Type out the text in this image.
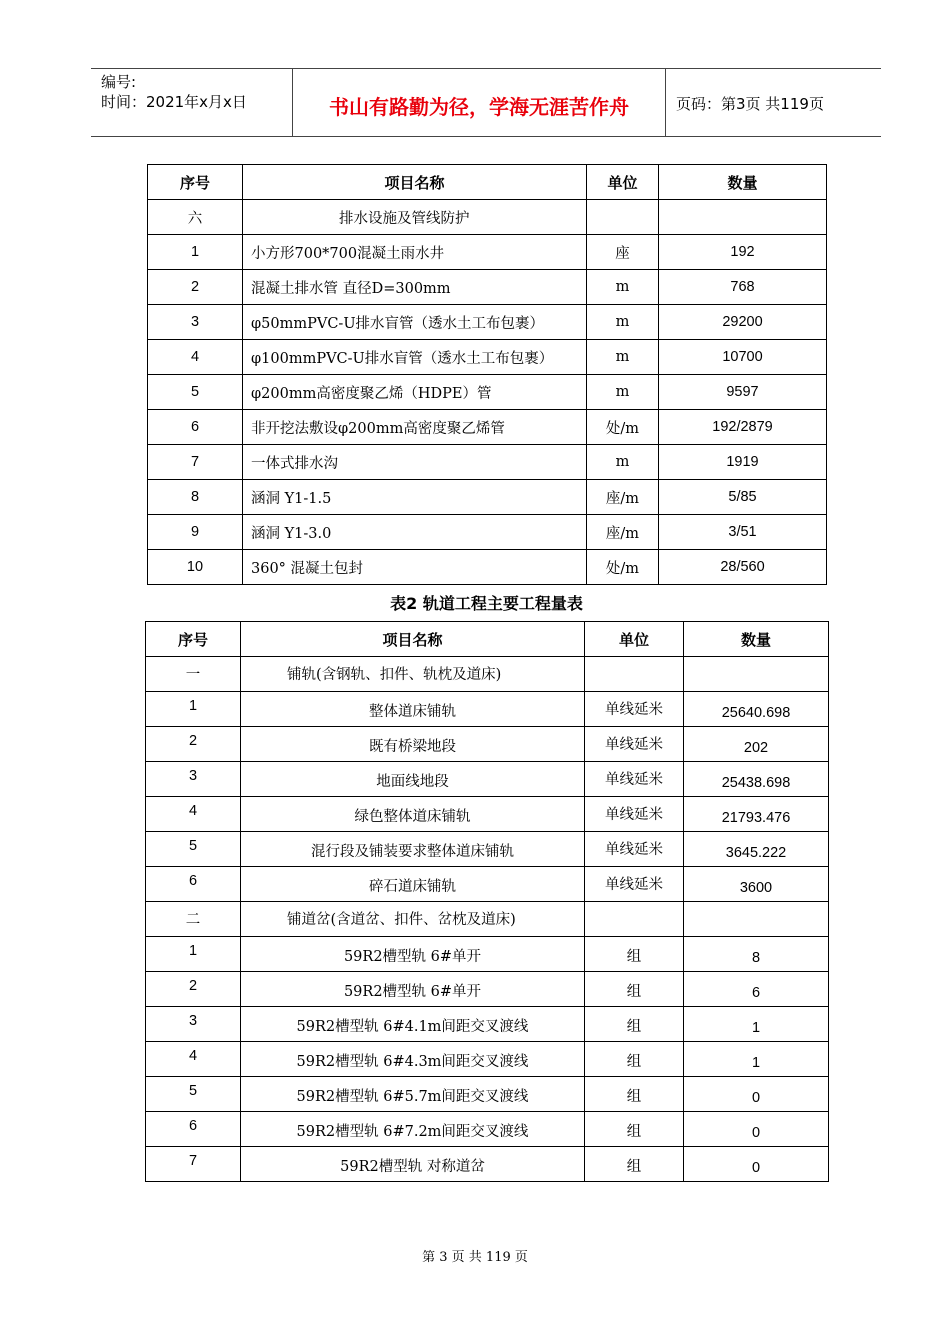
编号:
时间：2021年x月x日	书山有路勤为径，学海无涯苦作舟	页码：第3页 共119页
序号	项目名称	单位	数量
六	排水设施及管线防护		
1	小方形700*700混凝土雨水井	座	192
2	混凝土排水管 直径D=300mm	m	768
3	φ50mmPVC-U排水盲管（透水土工布包裹）	m	29200
4	φ100mmPVC-U排水盲管（透水土工布包裹）	m	10700
5	φ200mm高密度聚乙烯（HDPE）管	m	9597
6	非开挖法敷设φ200mm高密度聚乙烯管	处/m	192/2879
7	一体式排水沟	m	1919
8	涵洞 Y1-1.5	座/m	5/85
9	涵洞 Y1-3.0	座/m	3/51
10	360° 混凝土包封	处/m	28/560
表2 轨道工程主要工程量表
序号	项目名称	单位	数量
一	铺轨(含钢轨、扣件、轨枕及道床)		
1	整体道床铺轨	单线延米	25640.698
2	既有桥梁地段	单线延米	202
3	地面线地段	单线延米	25438.698
4	绿色整体道床铺轨	单线延米	21793.476
5	混行段及铺装要求整体道床铺轨	单线延米	3645.222
6	碎石道床铺轨	单线延米	3600
二	铺道岔(含道岔、扣件、岔枕及道床)		
1	59R2槽型轨 6#单开	组	8
2	59R2槽型轨 6#单开	组	6
3	59R2槽型轨 6#4.1m间距交叉渡线	组	1
4	59R2槽型轨 6#4.3m间距交叉渡线	组	1
5	59R2槽型轨 6#5.7m间距交叉渡线	组	0
6	59R2槽型轨 6#7.2m间距交叉渡线	组	0
7	59R2槽型轨 对称道岔	组	0
第 3 页 共 119 页
